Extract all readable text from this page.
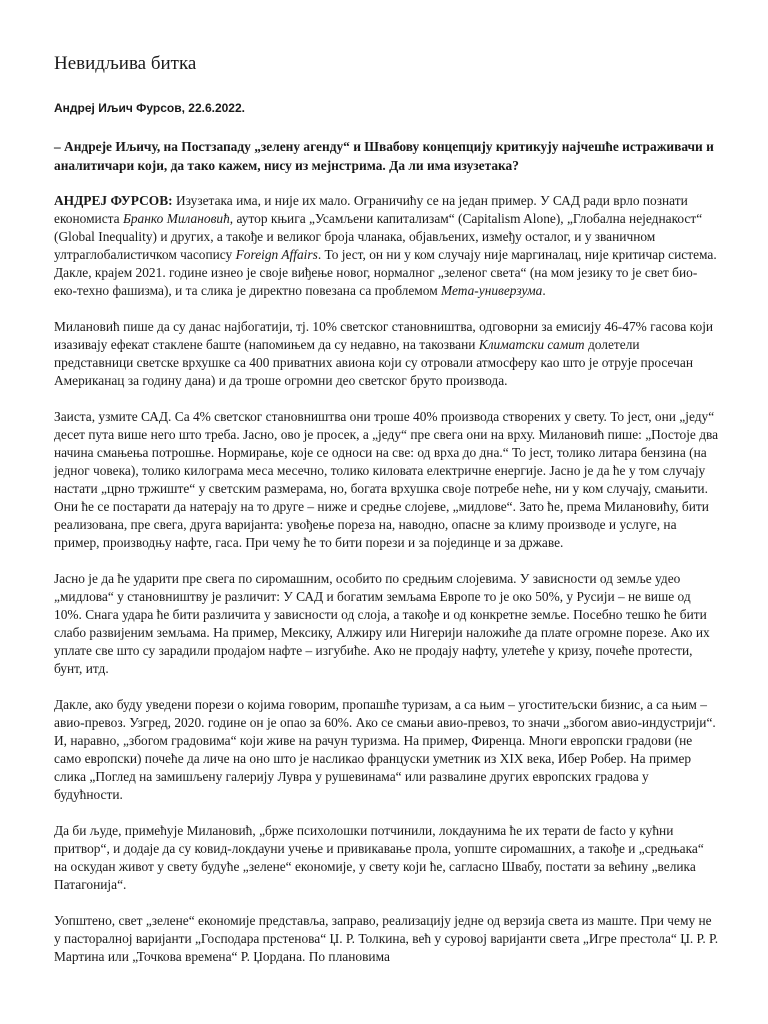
Невидљива битка
Андреј Иљич Фурсов, 22.6.2022.
– Андреје Иљичу, на Постзападу „зелену агенду“ и Швабову концепцију критикују најчешће истраживачи и аналитичари који, да тако кажем, нису из мејнстрима. Да ли има изузетака?

АНДРЕЈ ФУРСОВ: Изузетака има, и није их мало. Ограничићу се на један пример. У САД ради врло познати економиста Бранко Милановић, аутор књига „Усамљени капитализам“ (Capitalism Alone), „Глобална неједнакост“ (Global Inequality) и других, а такође и великог броја чланака, објављених, између осталог, и у званичном ултраглобалистичком часопису Foreign Affairs. То јест, он ни у ком случају није маргиналац, није критичар система. Дакле, крајем 2021. године изнео је своје виђење новог, нормалног „зеленог света“ (на мом језику то је свет био-еко-техно фашизма), и та слика је директно повезана са проблемом Мета-универзума.

Милановић пише да су данас најбогатији, тј. 10% светског становништва, одговорни за емисију 46-47% гасова који изазивају ефекат стаклене баште (напомињем да су недавно, на такозвани Климатски самит долетели представници светске врхушке са 400 приватних авиона који су отровали атмосферу као што је отрује просечан Американац за годину дана) и да троше огромни део светског бруто производа.

Заиста, узмите САД. Са 4% светског становништва они троше 40% производа створених у свету. То јест, они „једу“ десет пута више него што треба. Јасно, ово је просек, а „једу“ пре свега они на врху. Милановић пише: „Постоје два начина смањења потрошње. Нормирање, које се односи на све: од врха до дна.“ То јест, толико литара бензина (на једног човека), толико килограма меса месечно, толико киловата електричне енергије. Јасно је да ће у том случају настати „црно тржиште“ у светским размерама, но, богата врхушка своје потребе неће, ни у ком случају, смањити. Они ће се постарати да натерају на то друге – ниже и средње слојеве, „мидлове“. Зато ће, према Милановићу, бити реализована, пре свега, друга варијанта: увођење пореза на, наводно, опасне за климу производе и услуге, на пример, производњу нафте, гаса. При чему ће то бити порези и за појединце и за државе.

Јасно је да ће ударити пре свега по сиромашним, особито по средњим слојевима. У зависности од земље удео „мидлова“ у становништву је различит: У САД и богатим земљама Европе то је око 50%, у Русији – не више од 10%. Снага удара ће бити различита у зависности од слоја, а такође и од конкретне земље. Посебно тешко ће бити слабо развијеним земљама. На пример, Мексику, Алжиру или Нигерији наложиће да плате огромне порезе. Ако их уплате све што су зарадили продајом нафте – изгубиће. Ако не продају нафту, улетеће у кризу, почеће протести, бунт, итд.

Дакле, ако буду уведени порези о којима говорим, пропашће туризам, а са њим – угоститељски бизнис, а са њим – авио-превоз. Узгред, 2020. године он је опао за 60%. Ако се смањи авио-превоз, то значи „збогом авио-индустрији“. И, наравно, „збогом градовима“ који живе на рачун туризма. На пример, Фиренца. Многи европски градови (не само европски) почеће да личе на оно што је насликао француски уметник из XIX века, Ибер Робер. На пример слика „Поглед на замишљену галерију Лувра у рушевинама“ или развалине других европских градова у будућности.

Да би људе, примећује Милановић, „брже психолошки потчинили, локдаунима ће их терати de facto у кућни притвор“, и додаје да су ковид-локдауни учење и привикавање прола, уопште сиромашних, а такође и „средњака“ на оскудан живот у свету будуће „зелене“ економије, у свету који ће, сагласно Швабу, постати за већину „велика Патагонија“.

Уопштено, свет „зелене“ економије представља, заправо, реализацију једне од верзија света из маште. При чему не у пасторалној варијанти „Господара прстенова“ Џ. Р. Толкина, већ у суровој варијанти света „Игре престола“ Џ. Р. Р. Мартина или „Точкова времена“ Р. Џордана. По плановима
